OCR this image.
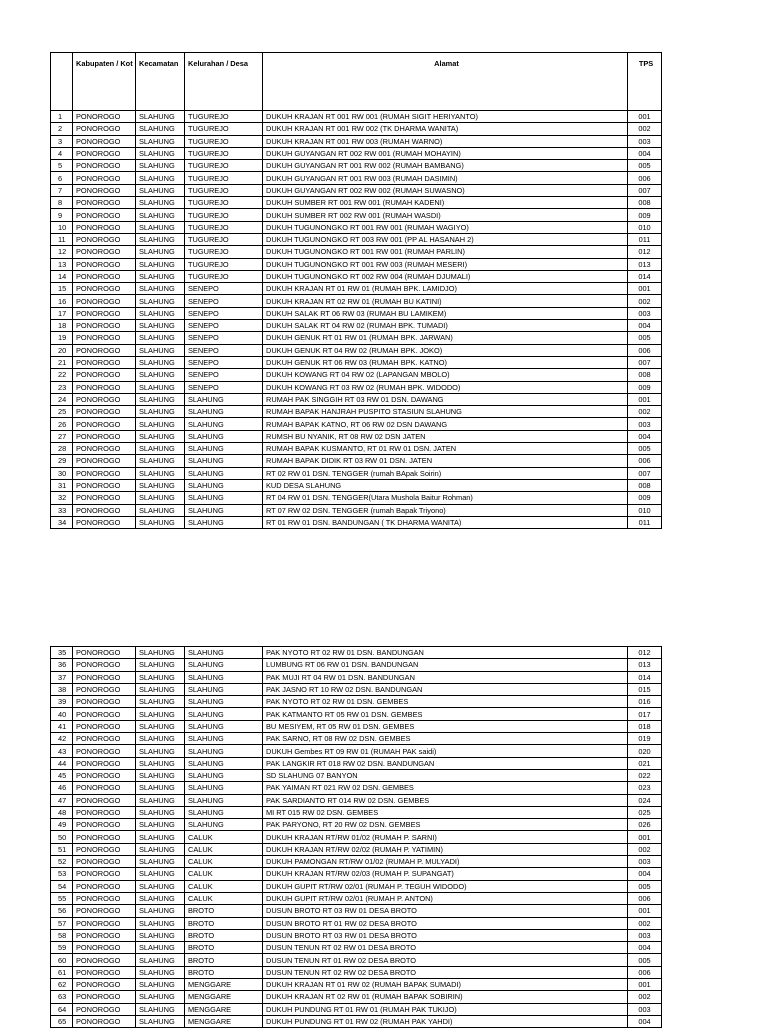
	Kabupaten / Kot	Kecamatan	Kelurahan / Desa	Alamat	TPS
1	PONOROGO	SLAHUNG	TUGUREJO	DUKUH KRAJAN RT 001 RW 001 (RUMAH SIGIT HERIYANTO)	001
2	PONOROGO	SLAHUNG	TUGUREJO	DUKUH KRAJAN RT 001 RW 002 (TK DHARMA WANITA)	002
3	PONOROGO	SLAHUNG	TUGUREJO	DUKUH KRAJAN RT 001 RW 003 (RUMAH WARNO)	003
4	PONOROGO	SLAHUNG	TUGUREJO	DUKUH GUYANGAN RT 002 RW 001 (RUMAH MOHAYIN)	004
5	PONOROGO	SLAHUNG	TUGUREJO	DUKUH GUYANGAN RT 001 RW 002 (RUMAH BAMBANG)	005
6	PONOROGO	SLAHUNG	TUGUREJO	DUKUH GUYANGAN RT 001 RW 003 (RUMAH DASIMIN)	006
7	PONOROGO	SLAHUNG	TUGUREJO	DUKUH GUYANGAN RT 002 RW 002 (RUMAH SUWASNO)	007
8	PONOROGO	SLAHUNG	TUGUREJO	DUKUH SUMBER RT 001 RW 001 (RUMAH KADENI)	008
9	PONOROGO	SLAHUNG	TUGUREJO	DUKUH SUMBER RT 002 RW 001 (RUMAH WASDI)	009
10	PONOROGO	SLAHUNG	TUGUREJO	DUKUH TUGUNONGKO RT 001 RW 001 (RUMAH WAGIYO)	010
11	PONOROGO	SLAHUNG	TUGUREJO	DUKUH TUGUNONGKO RT 003 RW 001 (PP AL HASANAH 2)	011
12	PONOROGO	SLAHUNG	TUGUREJO	DUKUH TUGUNONGKO RT 001 RW 001 (RUMAH PARLIN)	012
13	PONOROGO	SLAHUNG	TUGUREJO	DUKUH TUGUNONGKO RT 001 RW 003 (RUMAH MESERI)	013
14	PONOROGO	SLAHUNG	TUGUREJO	DUKUH TUGUNONGKO RT 002 RW 004 (RUMAH DJUMALI)	014
15	PONOROGO	SLAHUNG	SENEPO	DUKUH KRAJAN RT 01 RW 01 (RUMAH BPK. LAMIDJO)	001
16	PONOROGO	SLAHUNG	SENEPO	DUKUH KRAJAN RT 02 RW 01 (RUMAH BU KATINI)	002
17	PONOROGO	SLAHUNG	SENEPO	DUKUH SALAK RT 06 RW 03 (RUMAH BU LAMIKEM)	003
18	PONOROGO	SLAHUNG	SENEPO	DUKUH SALAK RT 04 RW 02 (RUMAH BPK. TUMADI)	004
19	PONOROGO	SLAHUNG	SENEPO	DUKUH GENUK RT 01 RW 01 (RUMAH BPK. JARWAN)	005
20	PONOROGO	SLAHUNG	SENEPO	DUKUH GENUK RT 04 RW 02 (RUMAH BPK. JOKO)	006
21	PONOROGO	SLAHUNG	SENEPO	DUKUH GENUK RT 06 RW 03 (RUMAH BPK. KATNO)	007
22	PONOROGO	SLAHUNG	SENEPO	DUKUH KOWANG RT 04 RW 02 (LAPANGAN MBOLO)	008
23	PONOROGO	SLAHUNG	SENEPO	DUKUH KOWANG RT 03 RW 02 (RUMAH BPK. WIDODO)	009
24	PONOROGO	SLAHUNG	SLAHUNG	RUMAH PAK SINGGIH RT 03 RW 01 DSN. DAWANG	001
25	PONOROGO	SLAHUNG	SLAHUNG	RUMAH BAPAK HANJRAH PUSPITO STASIUN SLAHUNG	002
26	PONOROGO	SLAHUNG	SLAHUNG	RUMAH BAPAK KATNO, RT 06 RW 02 DSN DAWANG	003
27	PONOROGO	SLAHUNG	SLAHUNG	RUMSH BU NYANIK, RT 08 RW 02 DSN JATEN	004
28	PONOROGO	SLAHUNG	SLAHUNG	RUMAH BAPAK KUSMANTO, RT 01 RW 01 DSN. JATEN	005
29	PONOROGO	SLAHUNG	SLAHUNG	RUMAH BAPAK DIDIK RT 03 RW 01 DSN. JATEN	006
30	PONOROGO	SLAHUNG	SLAHUNG	RT 02 RW 01 DSN. TENGGER (rumah BApak Soirin)	007
31	PONOROGO	SLAHUNG	SLAHUNG	KUD DESA SLAHUNG	008
32	PONOROGO	SLAHUNG	SLAHUNG	RT 04 RW 01 DSN. TENGGER(Utara Mushola Baitur Rohman)	009
33	PONOROGO	SLAHUNG	SLAHUNG	RT 07 RW 02 DSN. TENGGER (rumah Bapak Triyono)	010
34	PONOROGO	SLAHUNG	SLAHUNG	RT 01 RW 01 DSN. BANDUNGAN ( TK DHARMA WANITA)	011
35	PONOROGO	SLAHUNG	SLAHUNG	PAK NYOTO RT 02 RW 01 DSN. BANDUNGAN	012
36	PONOROGO	SLAHUNG	SLAHUNG	LUMBUNG RT 06 RW 01 DSN. BANDUNGAN	013
37	PONOROGO	SLAHUNG	SLAHUNG	PAK MUJI RT 04 RW 01 DSN. BANDUNGAN	014
38	PONOROGO	SLAHUNG	SLAHUNG	PAK JASNO RT 10 RW 02 DSN. BANDUNGAN	015
39	PONOROGO	SLAHUNG	SLAHUNG	PAK NYOTO RT 02 RW 01 DSN. GEMBES	016
40	PONOROGO	SLAHUNG	SLAHUNG	PAK KATMANTO RT 05 RW 01 DSN. GEMBES	017
41	PONOROGO	SLAHUNG	SLAHUNG	BU MESIYEM, RT 05 RW 01 DSN. GEMBES	018
42	PONOROGO	SLAHUNG	SLAHUNG	PAK SARNO, RT 08 RW 02 DSN. GEMBES	019
43	PONOROGO	SLAHUNG	SLAHUNG	DUKUH Gembes RT 09 RW 01 (RUMAH PAK saidi)	020
44	PONOROGO	SLAHUNG	SLAHUNG	PAK LANGKIR RT 018 RW 02 DSN. BANDUNGAN	021
45	PONOROGO	SLAHUNG	SLAHUNG	SD SLAHUNG 07 BANYON	022
46	PONOROGO	SLAHUNG	SLAHUNG	PAK YAIMAN RT 021 RW 02 DSN. GEMBES	023
47	PONOROGO	SLAHUNG	SLAHUNG	PAK SARDIANTO RT 014 RW 02 DSN. GEMBES	024
48	PONOROGO	SLAHUNG	SLAHUNG	MI RT 015 RW 02 DSN. GEMBES	025
49	PONOROGO	SLAHUNG	SLAHUNG	PAK PARYONO, RT 20 RW 02 DSN. GEMBES	026
50	PONOROGO	SLAHUNG	CALUK	DUKUH KRAJAN RT/RW 01/02 (RUMAH P. SARNI)	001
51	PONOROGO	SLAHUNG	CALUK	DUKUH KRAJAN RT/RW 02/02 (RUMAH P. YATIMIN)	002
52	PONOROGO	SLAHUNG	CALUK	DUKUH PAMONGAN RT/RW 01/02 (RUMAH P. MULYADI)	003
53	PONOROGO	SLAHUNG	CALUK	DUKUH KRAJAN RT/RW 02/03 (RUMAH P. SUPANGAT)	004
54	PONOROGO	SLAHUNG	CALUK	DUKUH GUPIT RT/RW 02/01 (RUMAH P. TEGUH WIDODO)	005
55	PONOROGO	SLAHUNG	CALUK	DUKUH GUPIT RT/RW 02/01 (RUMAH P. ANTON)	006
56	PONOROGO	SLAHUNG	BROTO	DUSUN BROTO RT 03 RW 01 DESA BROTO	001
57	PONOROGO	SLAHUNG	BROTO	DUSUN BROTO RT 01 RW 02 DESA BROTO	002
58	PONOROGO	SLAHUNG	BROTO	DUSUN BROTO RT 03 RW 01 DESA BROTO	003
59	PONOROGO	SLAHUNG	BROTO	DUSUN TENUN RT 02 RW 01 DESA BROTO	004
60	PONOROGO	SLAHUNG	BROTO	DUSUN TENUN RT 01 RW 02 DESA BROTO	005
61	PONOROGO	SLAHUNG	BROTO	DUSUN TENUN RT 02 RW 02 DESA BROTO	006
62	PONOROGO	SLAHUNG	MENGGARE	DUKUH KRAJAN RT 01 RW 02 (RUMAH BAPAK SUMADI)	001
63	PONOROGO	SLAHUNG	MENGGARE	DUKUH KRAJAN RT 02 RW 01 (RUMAH BAPAK SOBIRIN)	002
64	PONOROGO	SLAHUNG	MENGGARE	DUKUH PUNDUNG RT 01 RW 01 (RUMAH PAK TUKIJO)	003
65	PONOROGO	SLAHUNG	MENGGARE	DUKUH PUNDUNG RT 01 RW 02 (RUMAH PAK YAHDI)	004
